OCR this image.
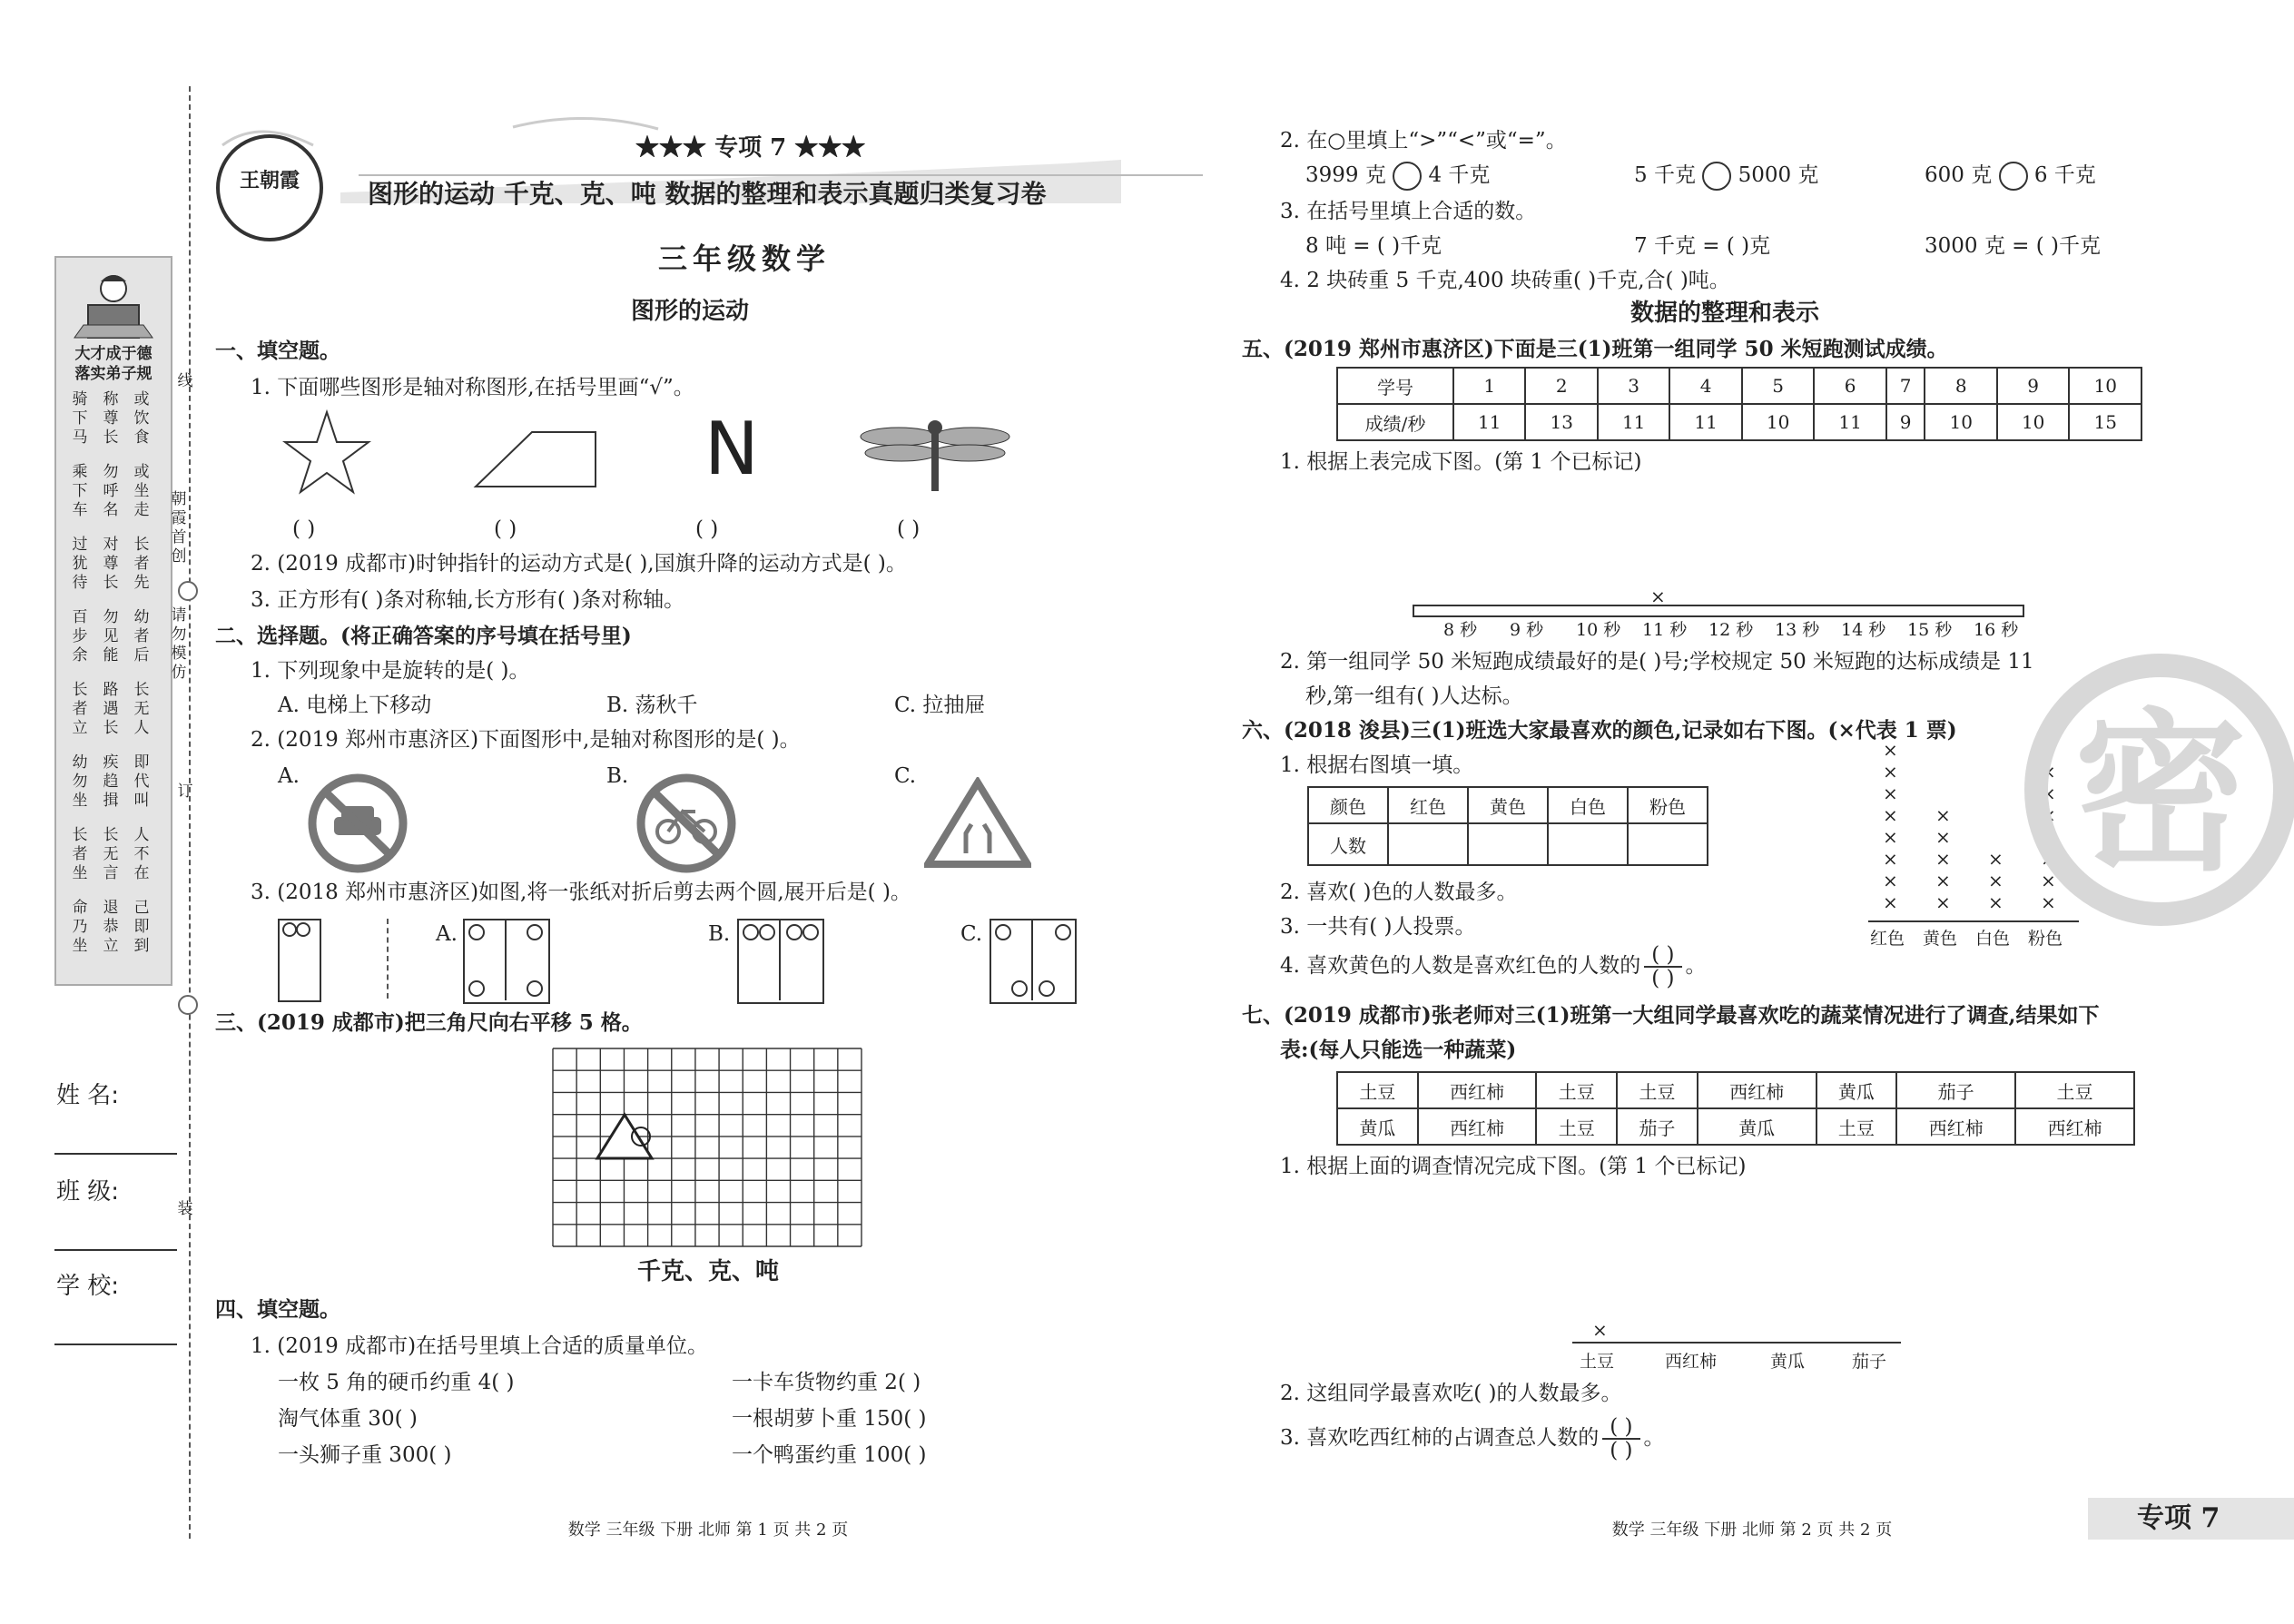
大才成于德
落实弟子规
骑下马
称尊长
或饮食
乘下车
勿呼名
或坐走
过犹待
对尊长
长者先
百步余
勿见能
幼者后
长者立
路遇长
长无人
幼勿坐
疾趋揖
即代叫
长者坐
长无言
人不在
命乃坐
退恭立
己即到
线
订
装
朝霞首创
请勿模仿
姓 名:
班 级:
学 校:
王朝霞
★★★ 专项 7 ★★★
图形的运动 千克、克、吨 数据的整理和表示真题归类复习卷
三年级数学
图形的运动
一、填空题。
1. 下面哪些图形是轴对称图形,在括号里画“√”。
N
( )	( )	( )	( )
2. (2019 成都市)时钟指针的运动方式是( ),国旗升降的运动方式是( )。
3. 正方形有( )条对称轴,长方形有( )条对称轴。
二、选择题。(将正确答案的序号填在括号里)
1. 下列现象中是旋转的是( )。
A. 电梯上下移动	B. 荡秋千	C. 拉抽屉
2. (2019 郑州市惠济区)下面图形中,是轴对称图形的是( )。
A.	B.	C.
3. (2018 郑州市惠济区)如图,将一张纸对折后剪去两个圆,展开后是( )。
A.	B.	C.
三、(2019 成都市)把三角尺向右平移 5 格。
千克、克、吨
四、填空题。
1. (2019 成都市)在括号里填上合适的质量单位。
一枚 5 角的硬币约重 4( )	一卡车货物约重 2( )
淘气体重 30( )	一根胡萝卜重 150( )
一头狮子重 300( )	一个鸭蛋约重 100( )
数学 三年级 下册 北师 第 1 页 共 2 页
2. 在○里填上“>”“<”或“=”。
3999 克 4 千克	5 千克 5000 克	600 克 6 千克
3. 在括号里填上合适的数。
8 吨 = ( )千克	7 千克 = ( )克	3000 克 = ( )千克
4. 2 块砖重 5 千克,400 块砖重( )千克,合( )吨。
数据的整理和表示
五、(2019 郑州市惠济区)下面是三(1)班第一组同学 50 米短跑测试成绩。
学号	1	2	3	4	5	6	7	8	9	10
成绩/秒	11	13	11	11	10	11	9	10	10	15
1. 根据上表完成下图。(第 1 个已标记)
8 秒 9 秒 10 秒 11 秒 12 秒 13 秒 14 秒 15 秒 16 秒
×
2. 第一组同学 50 米短跑成绩最好的是( )号;学校规定 50 米短跑的达标成绩是 11
秒,第一组有( )人达标。
六、(2018 浚县)三(1)班选大家最喜欢的颜色,记录如右下图。(×代表 1 票)
1. 根据右图填一填。
颜色	红色	黄色	白色	粉色
人数				
×
×
×
×
×
×
×
×
红色
×
×
×
×
×
黄色
×
×
×
白色
×
×
×
×
×
×
×
×
×
粉色
2. 喜欢( )色的人数最多。
3. 一共有( )人投票。
4. 喜欢黄色的人数是喜欢红色的人数的 $\frac{( )}{( )}$ 。
七、(2019 成都市)张老师对三(1)班第一大组同学最喜欢吃的蔬菜情况进行了调查,结果如下
表:(每人只能选一种蔬菜)
土豆	西红柿	土豆	土豆	西红柿	黄瓜	茄子	土豆
黄瓜	西红柿	土豆	茄子	黄瓜	土豆	西红柿	西红柿
1. 根据上面的调查情况完成下图。(第 1 个已标记)
×
土豆	西红柿	黄瓜	茄子
2. 这组同学最喜欢吃( )的人数最多。
3. 喜欢吃西红柿的占调查总人数的 $\frac{( )}{( )}$ 。
密
数学 三年级 下册 北师 第 2 页 共 2 页	专项 7
